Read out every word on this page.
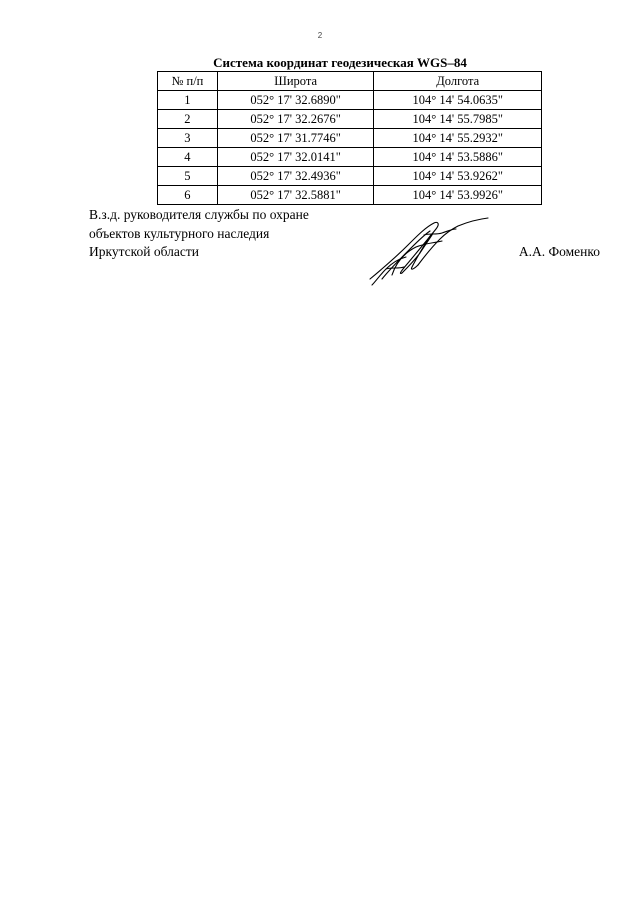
2
Система координат геодезическая WGS–84
№ п/п	Широта	Долгота
1	052° 17' 32.6890"	104° 14' 54.0635"
2	052° 17' 32.2676"	104° 14' 55.7985"
3	052° 17' 31.7746"	104° 14' 55.2932"
4	052° 17' 32.0141"	104° 14' 53.5886"
5	052° 17' 32.4936"	104° 14' 53.9262"
6	052° 17' 32.5881"	104° 14' 53.9926"
В.з.д. руководителя службы по охране
объектов культурного наследия
Иркутской области	А.А. Фоменко
